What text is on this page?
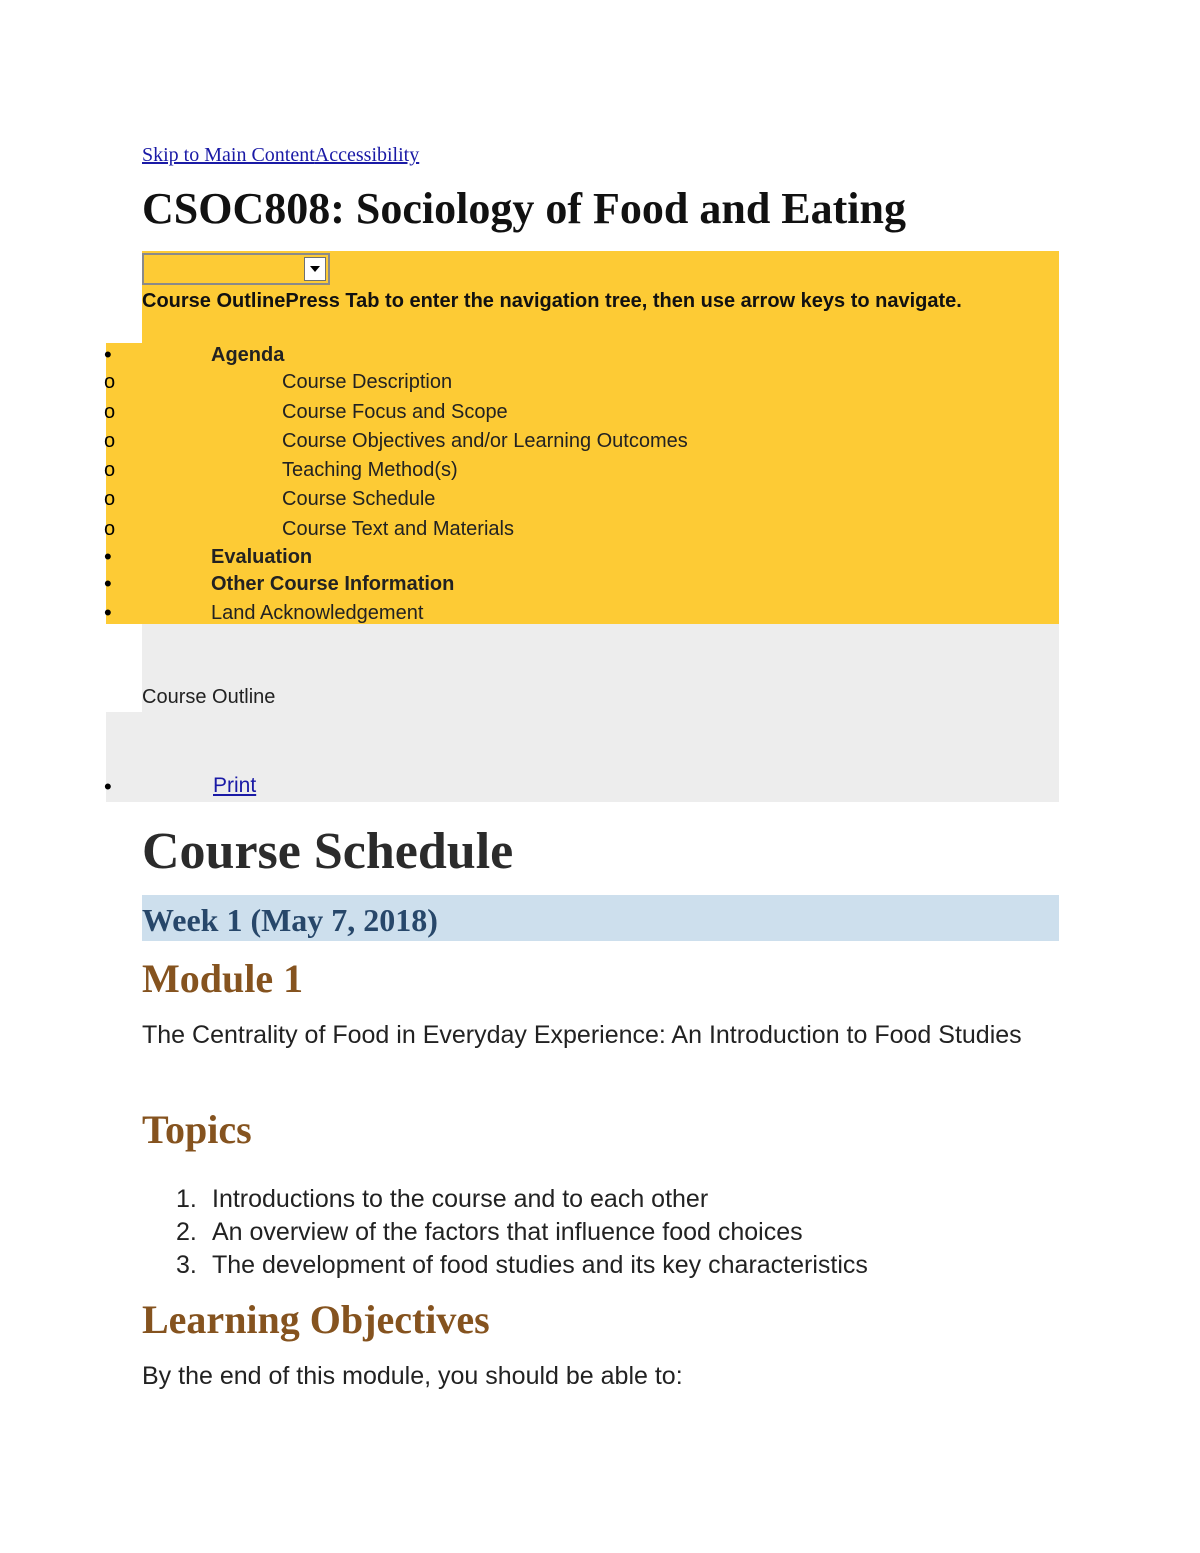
Skip to Main ContentAccessibility
CSOC808: Sociology of Food and Eating

Course OutlinePress Tab to enter the navigation tree, then use arrow keys to navigate.

•
Agenda
o
Course Description
o
Course Focus and Scope
o
Course Objectives and/or Learning Outcomes
o
Teaching Method(s)
o
Course Schedule
o
Course Text and Materials
•
Evaluation
•
Other Course Information
•
Land Acknowledgement
Course Outline
•	Print
Course Schedule
Week 1 (May 7, 2018)
Module 1

The Centrality of Food in Everyday Experience: An Introduction to Food Studies

Topics
1. Introductions to the course and to each other
2. An overview of the factors that influence food choices
3. The development of food studies and its key characteristics
Learning Objectives

By the end of this module, you should be able to:
